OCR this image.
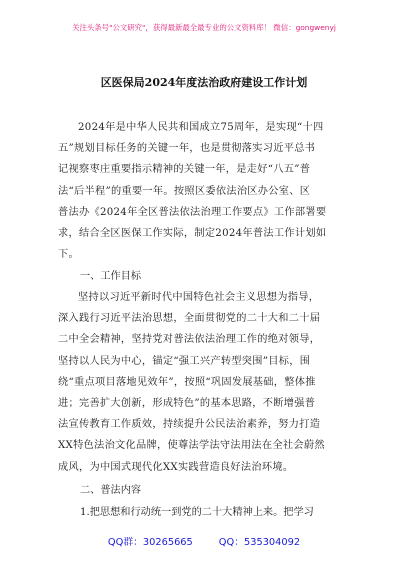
关注头条号"公文研究"，获得最新最全最专业的公文资料库！ 微信：gongwenyj
区医保局2024年度法治政府建设工作计划
2024年是中华人民共和国成立75周年，是实现“十四
五”规划目标任务的关键一年，也是贯彻落实习近平总书
记视察枣庄重要指示精神的关键一年，是走好“八五”普
法“后半程”的重要一年。按照区委依法治区办公室、区
普法办《2024年全区普法依法治理工作要点》工作部署要
求，结合全区医保工作实际，制定2024年普法工作计划如
下。
一、工作目标
坚持以习近平新时代中国特色社会主义思想为指导，
深入践行习近平法治思想，全面贯彻党的二十大和二十届
二中全会精神，坚持党对普法依法治理工作的绝对领导，
坚持以人民为中心，锚定“强工兴产转型突围”目标，围
绕“重点项目落地见效年”，按照“巩固发展基础，整体推
进；完善扩大创新，形成特色”的基本思路，不断增强普
法宣传教育工作质效，持续提升公民法治素养，努力打造
XX特色法治文化品牌，使尊法学法守法用法在全社会蔚然
成风，为中国式现代化XX实践营造良好法治环境。
二、普法内容
1.把思想和行动统一到党的二十大精神上来。把学习
QQ群：30265665	QQ：535304092
